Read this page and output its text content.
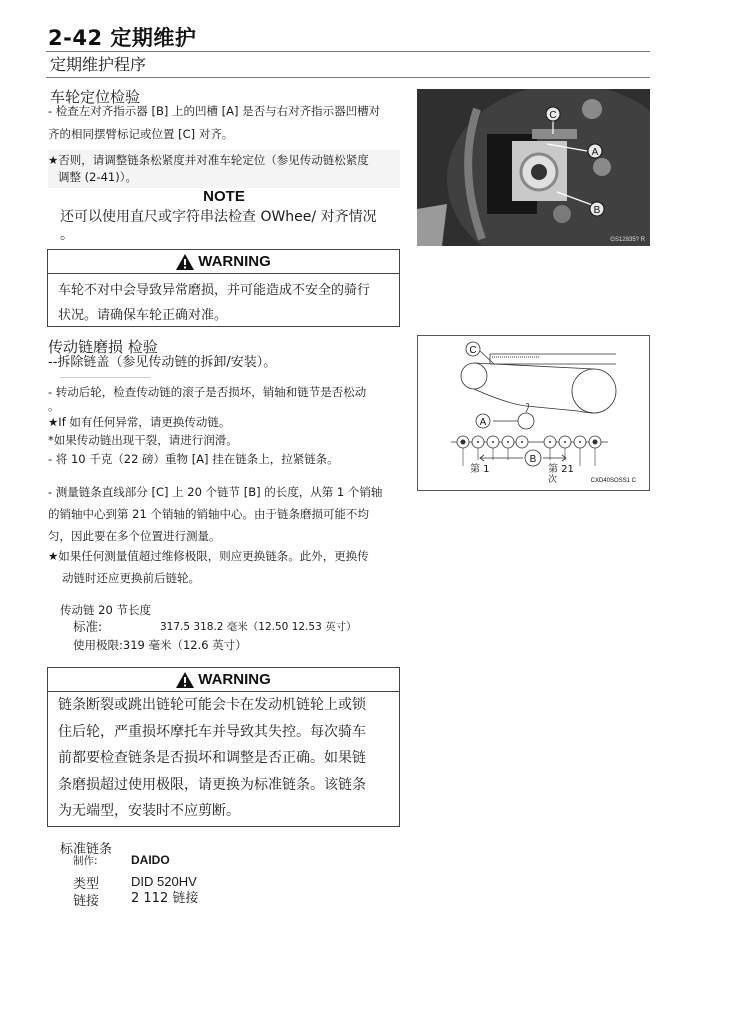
2-42 定期维护
定期维护程序
车轮定位检验
- 检查左对齐指示器 [B] 上的凹槽 [A] 是否与右对齐指示器凹槽对
齐的相同摆臂标记或位置 [C] 对齐。
★否则，请调整链条松紧度并对准车轮定位（参见传动链松紧度
调整 (2-41)）。
NOTE
还可以使用直尺或字符串法检查 OWhee/ 对齐情况
。
WARNING
车轮不对中会导致异常磨损，并可能造成不安全的骑行
状况。请确保车轮正确对准。
C
A
B
GS12835? R
传动链磨损 检验
--拆除链盖（参见传动链的拆卸/安装）。
- 转动后轮，检查传动链的滚子是否损坏，销轴和链节是否松动
。
★If 如有任何异常，请更换传动链。
*如果传动链出现干裂，请进行润滑。
- 将 10 千克（22 磅）重物 [A] 挂在链条上，拉紧链条。
- 测量链条直线部分 [C] 上 20 个链节 [B] 的长度，从第 1 个销轴
的销轴中心到第 21 个销轴的销轴中心。由于链条磨损可能不均
匀，因此要在多个位置进行测量。
★如果任何测量值超过维修极限，则应更换链条。此外，更换传
动链时还应更换前后链轮。
传动链 20 节长度
标准:	317.5 318.2 毫米（12.50 12.53 英寸）
使用极限: 319 毫米（12.6 英寸）
WARNING
链条断裂或跳出链轮可能会卡在发动机链轮上或锁
住后轮，严重损坏摩托车并导致其失控。每次骑车
前都要检查链条是否损坏和调整是否正确。如果链
条磨损超过使用极限，请更换为标准链条。该链条
为无端型，安装时不应剪断。
标准链条
制作:	DAIDO
类型 DID 520HV
链接 2 112 链接
A
C
B
第 1	第 21
次	CXD40SOSS1 C
